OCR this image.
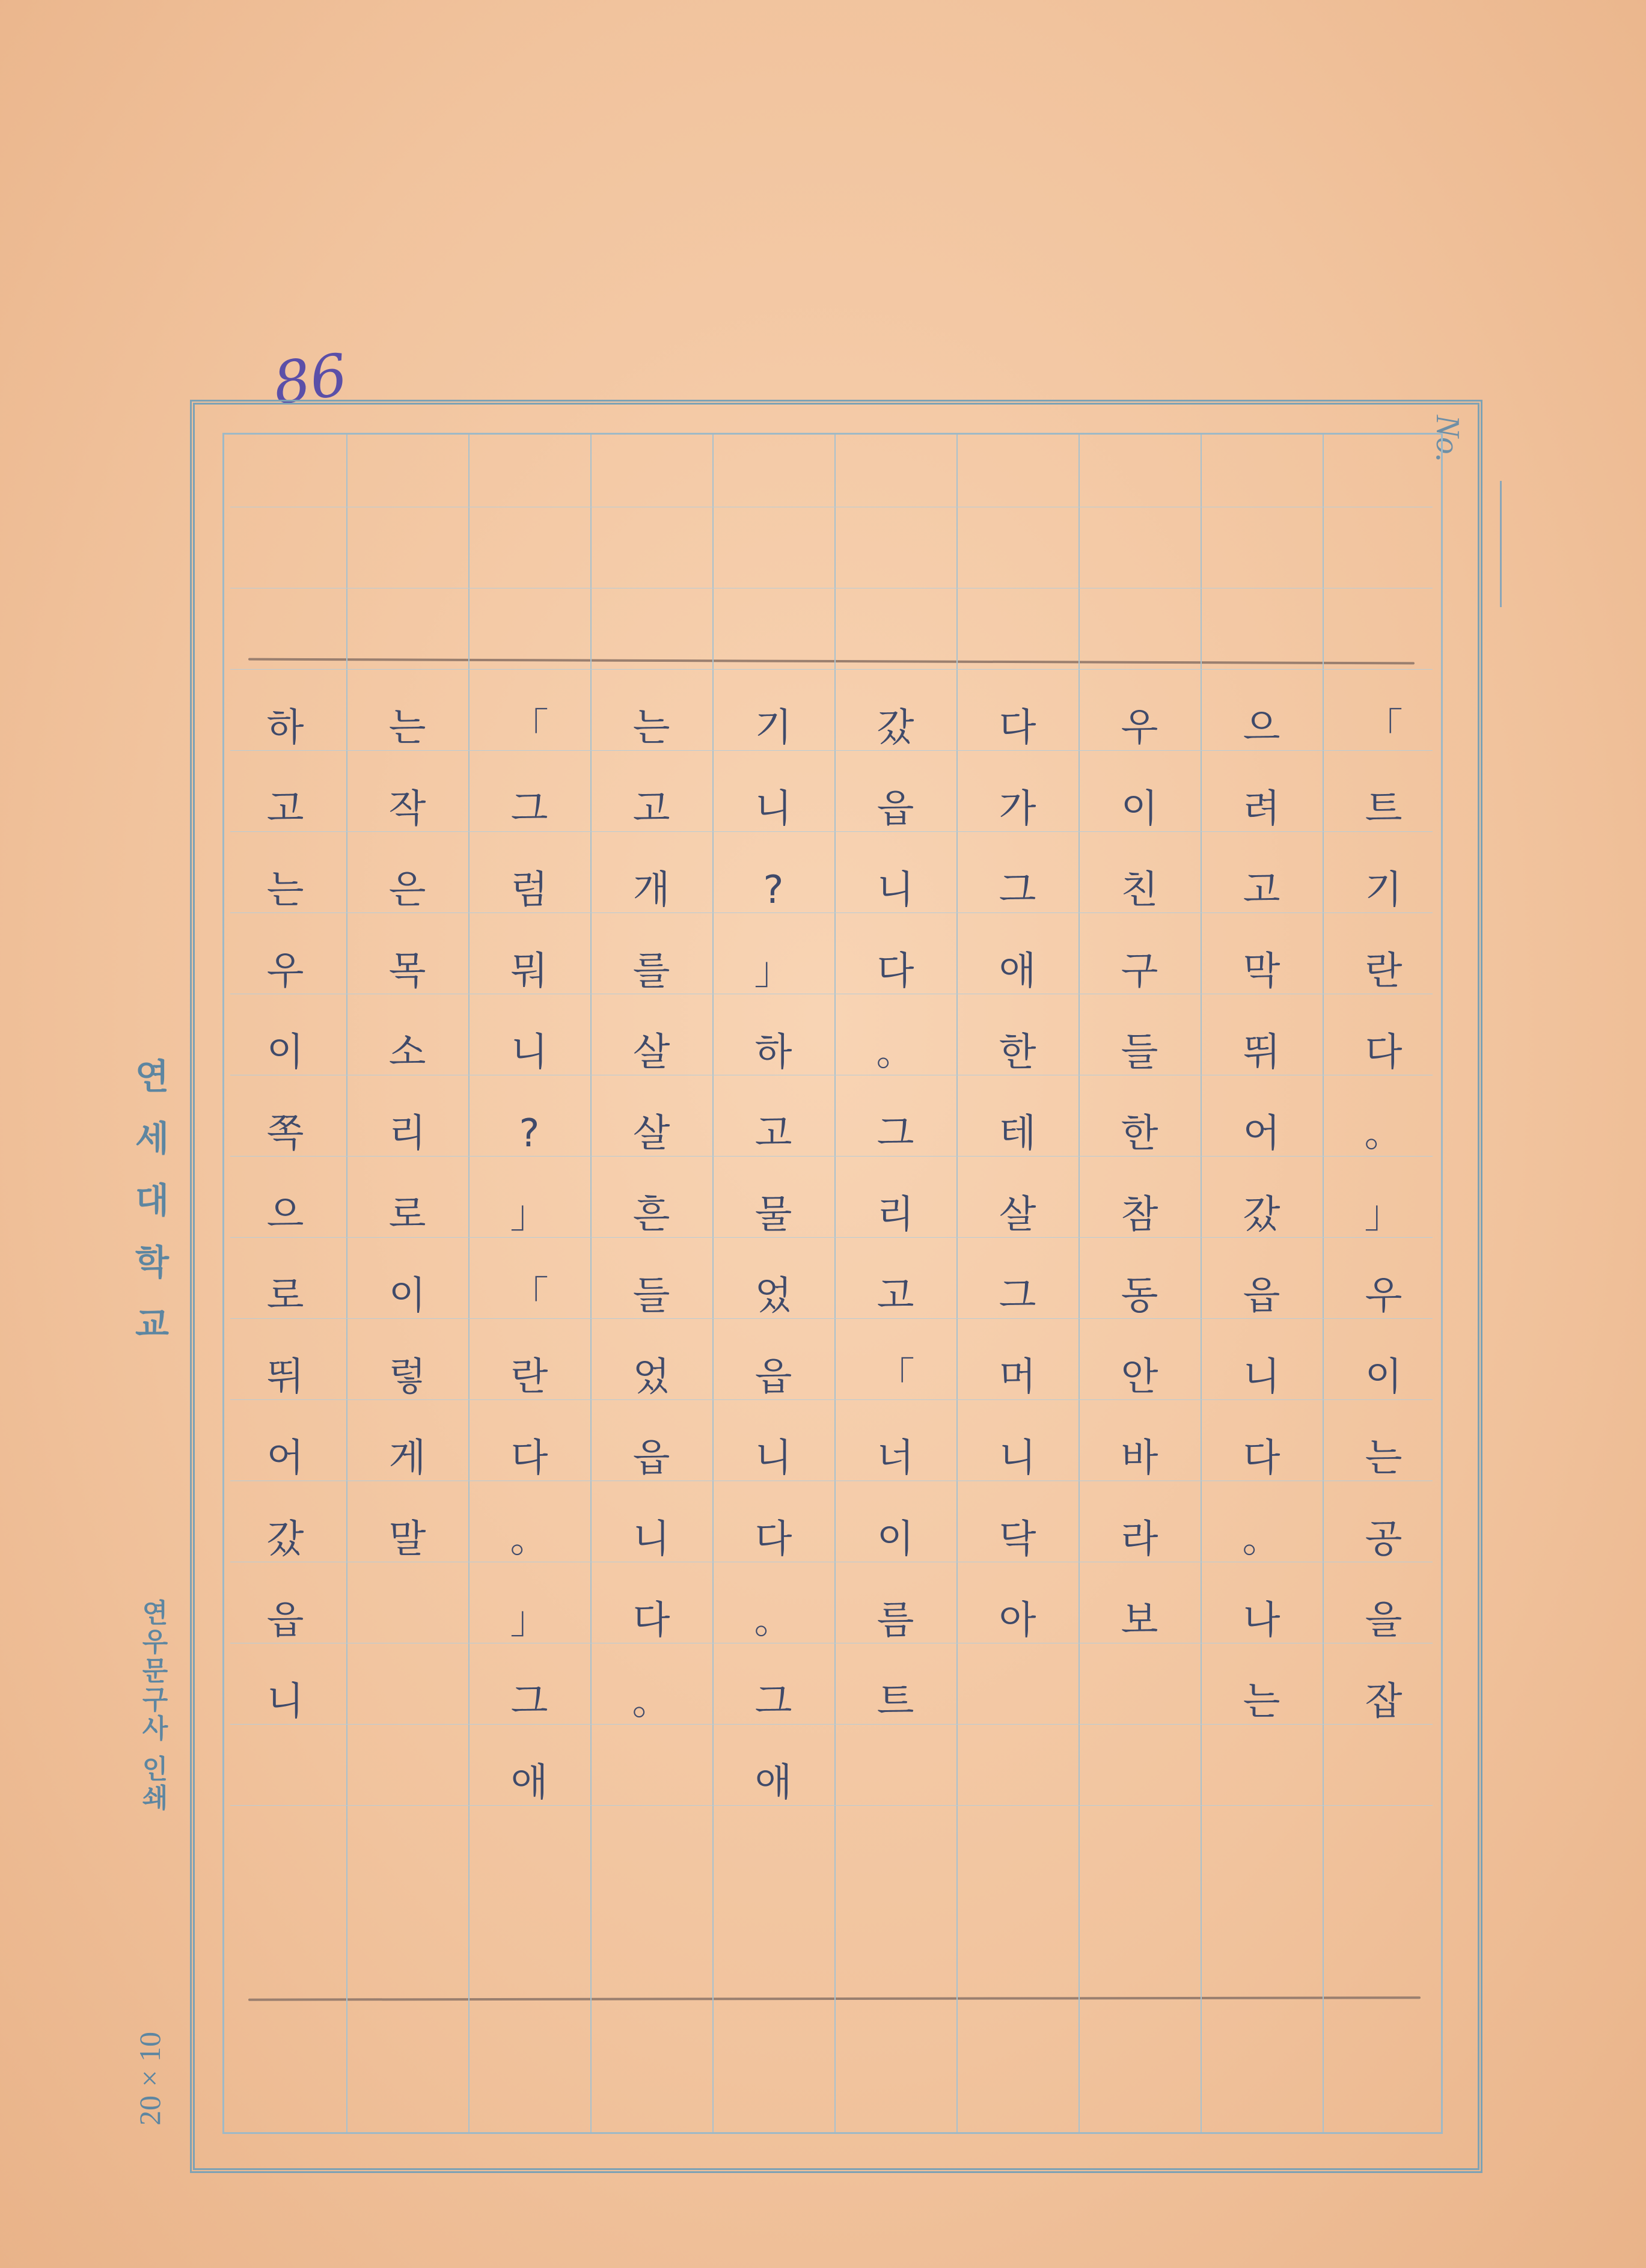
86
No.
연세대학교
연우문구사 인쇄
20×10
「
트
기
란
다
。
」
우
이
는
공
을
잡
으
려
고
막
뛰
어
갔
읍
니
다
。
나
는
우
이
친
구
들
한
참
동
안
바
라
보
다
가
그
애
한
테
살
그
머
니
닥
아
갔
읍
니
다
。
그
리
고
「
너
이
름
트
기
니
?
」
하
고
물
었
읍
니
다
。
그
애
는
고
개
를
살
살
흔
들
었
읍
니
다
。
「
그
럼
뭐
니
?
」
「
란
다
。
」
그
애
는
작
은
목
소
리
로
이
렇
게
말
하
고
는
우
이
쪽
으
로
뛰
어
갔
읍
니
